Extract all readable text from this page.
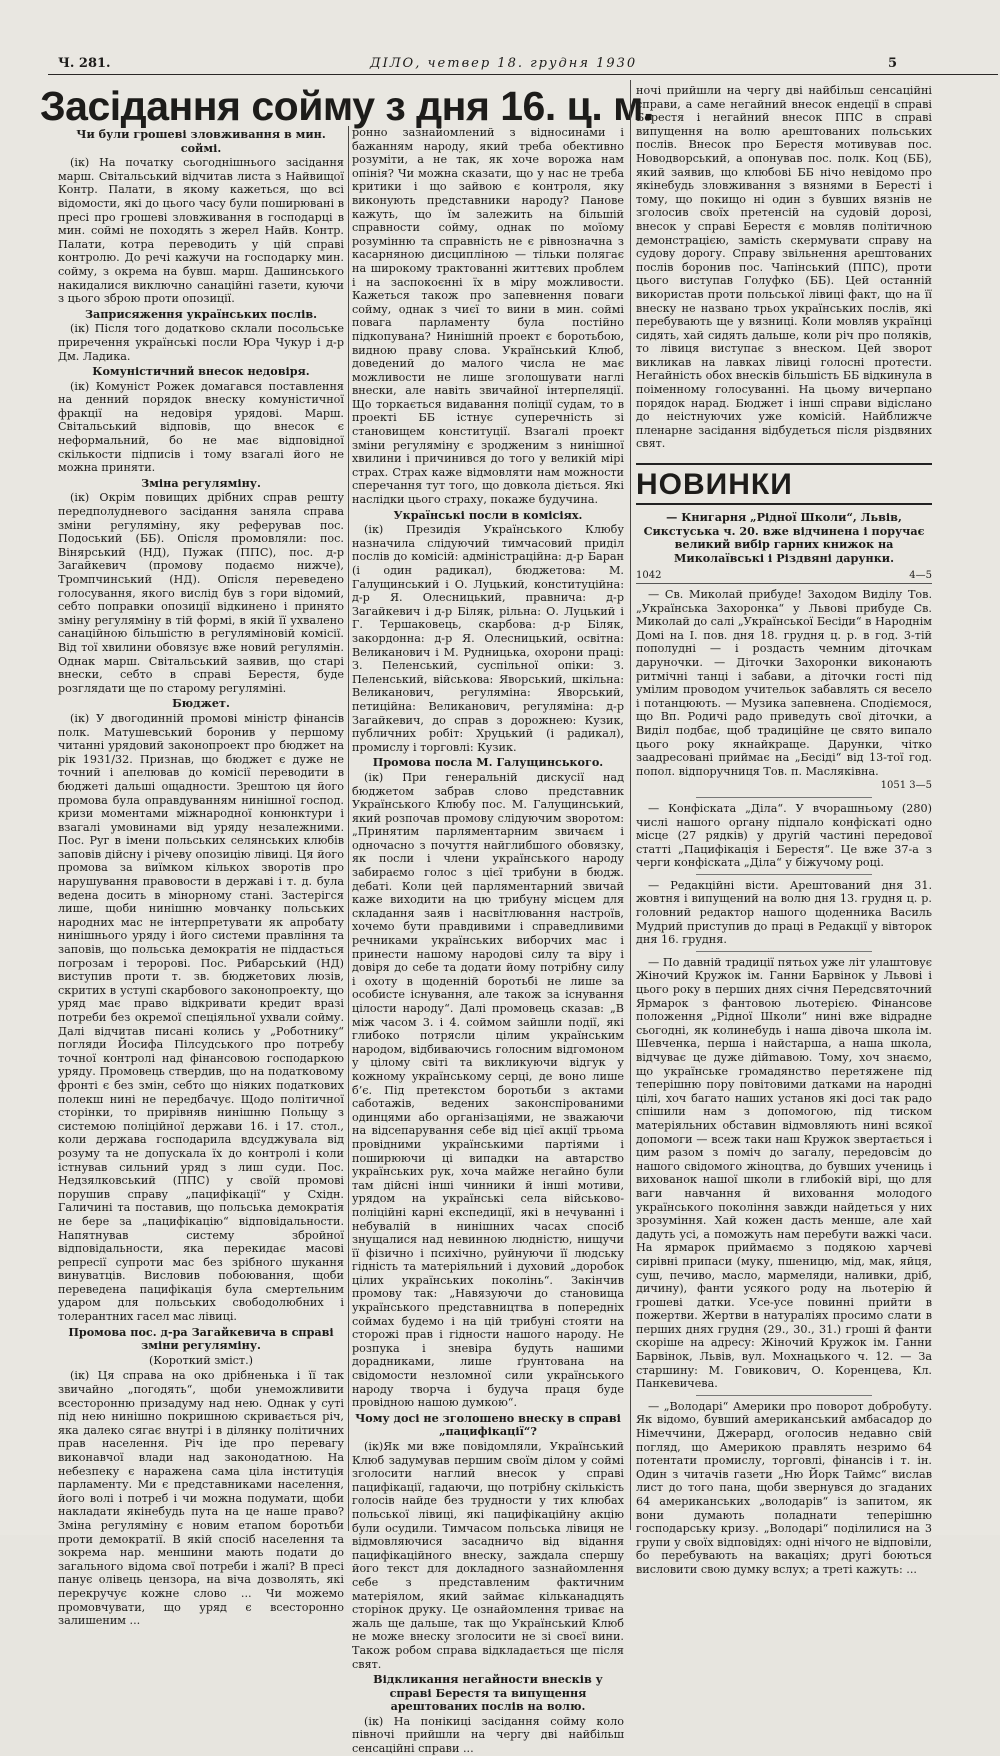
Ч. 281.	ДІЛО, четвер 18. грудня 1930	5
Засідання сойму з дня 16. ц. м.
Чи були грошеві зловживання в мин. соймі.

(ік) На початку сьогоднішнього засідання марш. Світальський відчитав листа з Найвищої Контр. Палати, в якому кажеться, що всі відомости, які до цього часу були поширювані в пресі про грошеві зловживання в господарці в мин. соймі не походять з жерел Найв. Контр. Палати, котра переводить у цій справі контролю. До речі кажучи на господарку мин. сойму, з окрема на бувш. марш. Дашинського накидалися виключно санаційні газети, куючи з цього зброю проти опозиції.

Заприсяження українських послів.

(ік) Після того додатково склали посольське приречення українські посли Юра Чукур і д-р Дм. Ладика.

Комуністичний внесок недовіря.

(ік) Комуніст Рожек домагався поставлення на денний порядок внеску комуністичної фракції на недовіря урядові. Марш. Світальський відповів, що внесок є неформальний, бо не має відповідної скількости підписів і тому взагалі його не можна приняти.

Зміна регуляміну.

(ік) Окрім повищих дрібних справ решту передполудневого засідання заняла справа зміни регуляміну, яку реферував пос. Подоський (ББ). Опісля промовляли: пос. Вінярський (НД), Пужак (ППС), пос. д-р Загайкевич (промову подаємо нижче), Тромпчинський (НД). Опісля переведено голосування, якого вислід був з гори відомий, себто поправки опозиції відкинено і принято зміну регуляміну в тій формі, в якій її ухвалено санаційною більшістю в регуляміновій комісії. Від тої хвилини обовязує вже новий регулямін. Однак марш. Світальський заявив, що старі внески, себто в справі Берестя, буде розглядати ще по старому регуляміні.

Бюджет.

(ік) У двогодинній промові міністр фінансів полк. Матушевський боронив у першому читанні урядовий законопроект про бюджет на рік 1931/32. Признав, що бюджет є дуже не точний і апелював до комісії переводити в бюджеті дальші ощадности. Зрештою ця його промова була оправдуванням нинішної господ. кризи моментами міжнародної конюнктури і взагалі умовинами від уряду незалежними. Пос. Руг в імени польських селянських клюбів заповів дійсну і річеву опозицію лівиці. Ця його промова за виїмком кількох зворотів про нарушування правовости в державі і т. д. була ведена досить в мінорному стані. Застерігся лише, щоби нинішню мовчанку польських народних мас не інтерпретувати як апробату нинішнього уряду і його системи правління та заповів, що польська демократія не піддасться погрозам і теророві. Пос. Рибарський (НД) виступив проти т. зв. бюджетових люзів, скритих в уступі скарбового законопроекту, що уряд має право відкривати кредит вразі потреби без окремої спеціяльної ухвали сойму. Далі відчитав писані колись у „Роботнику“ погляди Йосифа Пілсудського про потребу точної контролі над фінансовою господаркою уряду. Промовець ствердив, що на податковому фронті є без змін, себто що ніяких податкових полекш нині не передбачує. Щодо політичної сторінки, то прирівняв нинішню Польщу з системою поліційної держави 16. і 17. стол., коли держава господарила вдсуджувала від розуму та не допускала їх до контролі і коли істнував сильний уряд з лиш суди. Пос. Недзялковський (ППС) у своїй промові порушив справу „пацифікації“ у Східн. Галичині та поставив, що польська демократія не бере за „пацифікацію“ відповідальности. Напятнував систему збройної відповідальности, яка перекидає масові репресії супроти мас без зрібного шукання винуватців. Висловив побоювання, щоби переведена пацифікація була смертельним ударом для польських свободолюбних і толерантних гасел мас лівиці.

Промова пос. д-ра Загайкевича в справі зміни регуляміну.
(Короткий зміст.)

(ік) Ця справа на око дрібненька і її так звичайно „погодять“, щоби унеможливити всесторонню призадуму над нею. Однак у суті під нею нинішно покришною скривається річ, яка далеко сягає внутрі і в ділянку політичних прав населення. Річ іде про перевагу виконавчої влади над законодатною. На небезпеку є наражена сама ціла інституція парламенту. Ми є представниками населення, його волі і потреб і чи можна подумати, щоби накладати якінебудь пута на це наше право? Зміна регуляміну є новим етапом боротьби проти демократії. В якій спосіб населення та зокрема нар. меншини мають подати до загального відома свої потреби і жалі? В пресі панує олівець цензора, на віча дозволять, які перекручує кожне слово ... Чи можемо промовчувати, що уряд є всесторонно залишеним ...

ронно зазнайомлений з відносинами і бажанням народу, який треба обективно розуміти, а не так, як хоче ворожа нам опінія? Чи можна сказати, що у нас не треба критики і що зайвою є контроля, яку виконують представники народу? Панове кажуть, що їм залежить на більшій справности сойму, однак по моїому розумінню та справність не є рівнозначна з касарняною дисципліною — тільки полягає на широкому трактованні життєвих проблем і на заспокоєнні їх в міру можливости. Кажеться також про запевнення поваги сойму, однак з чиєї то вини в мин. соймі повага парламенту була постійно підкопувана? Нинішній проект є боротьбою, видною праву слова. Український Клюб, доведений до малого числа не має можливости не лише зголошувати наглі внески, але навіть звичайної інтерпеляції. Що торкається видавання поліції судам, то в проекті ББ істнує суперечність зі становищем конституції. Взагалі проект зміни регуляміну є зродженим з нинішної хвилини і причинився до того у великій мірі страх. Страх каже відмовляти нам можности сперечання тут того, що довкола діється. Які наслідки цього страху, покаже будучина.

Українські посли в комісіях.

(ік) Президія Українського Клюбу назначила слідуючий тимчасовий приділ послів до комісій: адміністраційна: д-р Баран (і один радикал), бюджетова: М. Галущинський і О. Луцький, конституційна: д-р Я. Олесницький, правнича: д-р Загайкевич і д-р Біляк, рільна: О. Луцький і Г. Тершаковець, скарбова: д-р Біляк, закордонна: д-р Я. Олесницький, освітна: Великанович і М. Рудницька, охорони праці: З. Пеленський, суспільної опіки: З. Пеленський, військова: Яворський, шкільна: Великанович, регуляміна: Яворський, петиційна: Великанович, регуляміна: д-р Загайкевич, до справ з дорожнею: Кузик, публичних робіт: Хруцький (і радикал), промислу і торговлі: Кузик.

Промова посла М. Галущинського.

(ік) При генеральній дискусії над бюджетом забрав слово представник Українського Клюбу пос. М. Галущинський, який розпочав промову слідуючим зворотом: „Принятим парляментарним звичаєм і одночасно з почуття найглибшого обовязку, як посли і члени українського народу забираємо голос з цієї трибуни в бюдж. дебаті. Коли цей парляментарний звичай каже виходити на цю трибуну місцем для складання заяв і насвітлювання настроїв, хочемо бути правдивими і справедливими речниками українських виборчих мас і принести нашому народові силу та віру і довіря до себе та додати йому потрібну силу і охоту в щоденній боротьбі не лише за особисте існування, але також за існування цілости народу“. Далі промовець сказав: „В між часом 3. і 4. соймом зайшли події, які глибоко потрясли цілим українським народом, відбиваючись голосним відгомоном у цілому світі та викликуючи відгук у кожному українському серці, де воно лише б’є. Під претекстом боротьби з актами саботажів, ведених законспірованими одинцями або організаціями, не зважаючи на відсепарування себе від цієї акції трьома провідними українськими партіями і поширюючи ці випадки на автарство українських рук, хоча майже негайно були там дійсні інші чинники й інші мотиви, урядом на українські села військово-поліційні карні експедиції, які в нечуванні і небувалій в нинішних часах спосіб знущалися над невинною людністю, нищучи її фізично і психічно, руйнуючи її людську гідність та матеріяльний і духовий „доробок цілих українських поколінь“. Закінчив промову так: „Навязуючи до становища українського представництва в попередніх соймах будемо і на цій трибуні стояти на сторожі прав і гідности нашого народу. Не розпука і зневіра будуть нашими дорадниками, лише ґрунтована на свідомости незломної сили українського народу творча і будуча праця буде провідною нашою думкою“.

Чому досі не зголошено внеску в справі „пацифікації“?

(ік)Як ми вже повідомляли, Український Клюб задумував першим своїм ділом у соймі зголосити наглий внесок у справі пацифікації, гадаючи, що потрібну скількість голосів найде без трудности у тих клюбах польської лівиці, які пацифікаційну акцію були осудили. Тимчасом польська лівиця не відмовляючися засадничо від відання пацифікаційного внеску, заждала спершу його текст для докладного зазнайомлення себе з представленим фактичним матеріялом, який займає кільканадцять сторінок друку. Це ознайомлення триває на жаль ще дальше, так що Український Клюб не може внеску зголосити не зі своєї вини. Також робом справа відкладається ще після свят.

Відкликання негайности внесків у справі Берестя та випущення арештованих послів на волю.

(ік) На понікиці засідання сойму коло півночі прийшли на чергу дві найбільш сенсаційні справи ...

ночі прийшли на чергу дві найбільш сенсаційні справи, а саме негайний внесок ендеції в справі Берестя і негайний внесок ППС в справі випущення на волю арештованих польських послів. Внесок про Берестя мотивував пос. Новодворський, а опонував пос. полк. Коц (ББ), який заявив, що клюбові ББ нічо невідомо про якінебудь зловживання з вязнями в Бересті і тому, що покищо ні один з бувших вязнів не зголосив своїх претенсій на судовій дорозі, внесок у справі Берестя є мовляв політичною демонстрацією, замість скермувати справу на судову дорогу. Справу звільнення арештованих послів боронив пос. Чапінський (ППС), проти цього виступав Голуфко (ББ). Цей останній використав проти польської лівиці факт, що на її внеску не названо трьох українських послів, які перебувають ще у вязниці. Коли мовляв українці сидять, хай сидять дальше, коли річ про поляків, то лівиця виступає з внеском. Цей зворот викликав на лавках лівиці голосні протести. Негайність обох внесків більшість ББ відкинула в поіменному голосуванні. На цьому вичерпано порядок нарад. Бюджет і інші справи відіслано до неістнуючих уже комісій. Найближче пленарне засідання відбудеться після різдвяних свят.

НОВИНКИ
— Книгарня „Рідної Школи“, Львів, Сикстуська ч. 20. вже відчинена і поручає великий вибір гарних книжок на Миколаївські і Різдвяні дарунки.
1042	4—5

— Св. Миколай прибуде! Заходом Виділу Тов. „Українська Захоронка“ у Львові прибуде Св. Миколай до салі „Української Бесіди“ в Народнім Домі на I. пов. дня 18. грудня ц. р. в год. 3-тій пополудні — і роздасть чемним діточкам даруночки. — Діточки Захоронки виконають ритмічні танці і забави, а діточки гості під умілим проводом учительок забавлять ся весело і потанцюють. — Музика запевнена. Сподіємося, що Вп. Родичі радо приведуть свої діточки, а Виділ подбає, щоб традиційне це свято випало цього року якнайкраще. Дарунки, чітко заадресовані приймає на „Бесіді“ від 13-тої год. попол. відпоручниця Тов. п. Масляківна.

1051 3—5

— Конфіската „Діла“. У вчорашньому (280) числі нашого органу підпало конфіскаті одно місце (27 рядків) у другій частині передової статті „Пацифікація і Берестя“. Це вже 37-а з черги конфіската „Діла“ у біжучому році.

— Редакційні вісти. Арештований дня 31. жовтня і випущений на волю дня 13. грудня ц. р. головний редактор нашого щоденника Василь Мудрий приступив до праці в Редакції у вівторок дня 16. грудня.

— По давній традиції пятьох уже літ улаштовує Жіночий Кружок ім. Ганни Барвінок у Львові і цього року в перших днях січня Передсвяточний Ярмарок з фантовою льотерією. Фінансове положення „Рідної Школи“ нині вже відрадне сьогодні, як колинебудь і наша дівоча школа ім. Шевченка, перша і найстарша, а наша школа, відчуває це дуже дійmaвою. Тому, хоч знаємо, що українське громадянство перетяжене під теперішню пору повітовими датками на народні цілі, хоч багато наших установ які досі так радо спішили нам з допомогою, під тиском матеріяльних обставин відмовляють нині всякої допомоги — всеж таки наш Кружок звертається і цим разом з поміч до загалу, передовсім до нашого свідомого жіноцтва, до бувших учениць і вихованок нашої школи в глибокій вірі, що для ваги навчання й виховання молодого українського покоління завжди найдеться у них зрозуміння. Хай кожен дасть менше, але хай дадуть усі, а поможуть нам перебути важкі часи. На ярмарок приймаємо з подякою харчеві сирівні припаси (муку, пшеницю, мід, мак, яйця, суш, печиво, масло, мармеляди, наливки, дріб, дичину), фанти усякого роду на льотерію й грошеві датки. Усе-усе повинні прийти в пожертви. Жертви в натураліях просимо слати в перших днях грудня (29., 30., 31.) гроші й фанти скоріше на адресу: Жіночий Кружок ім. Ганни Барвінок, Львів, вул. Мохнацького ч. 12. — За старшину: М. Говикович, О. Коренцева, Кл. Панкевичева.

— „Володарі“ Америки про поворот добробуту. Як відомо, бувший американський амбасадор до Німеччини, Джерард, оголосив недавно свій погляд, що Америкою правлять незримо 64 потентати промислу, торговлі, фінансів і т. ін. Один з читачів газети „Ню Йорк Таймс“ вислав лист до того пана, щоби звернувся до згаданих 64 американських „володарів“ із запитом, як вони думають поладнати теперішню господарську кризу. „Володарі“ поділилися на 3 групи у своїх відповідях: одні нічого не відповіли, бо перебувають на вакаціях; другі боються висловити свою думку вслух; а треті кажуть: ...
